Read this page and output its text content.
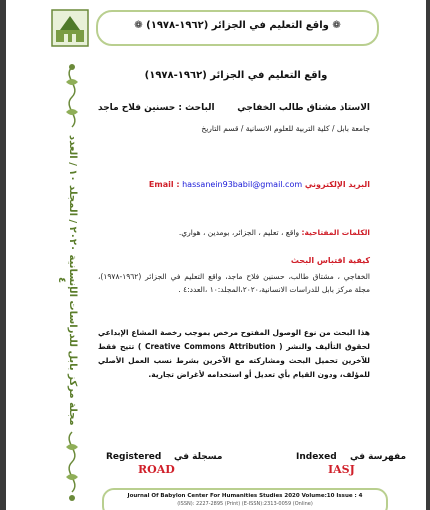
❁ واقع التعليم في الجزائر (١٩٦٢-١٩٧٨) ❁
مجلة مركز بابل للدراسات الإنسانية ٢٠٢٠ / المجلد ١٠ / العدد ٤
واقع التعليم في الجزائر (١٩٦٢-١٩٧٨)
الاستاذ مشتاق طالب الخفاجي
الباحث : حسنين فلاح ماجد
جامعة بابل / كلية التربية للعلوم الانسانية / قسم التاريخ
البريد الإلكتروني Email : hassanein93babil@gmail.com
الكلمات المفتاحية: واقع ، تعليم ، الجزائر، بومدين ، هواري.
كيفية اقتباس البحث
الخفاجي ، مشتاق طالب، حسنين فلاح ماجد، واقع التعليم في الجزائر (١٩٦٢-١٩٧٨)، مجلة مركز بابل للدراسات الانسانية،٢٠٢٠،المجلد:١٠ ،العدد:٤ .
هذا البحث من نوع الوصول المفتوح مرخص بموجب رخصة المشاع الإبداعي لحقوق التأليف والنشر ( Creative Commons Attribution ) تتيح فقط للآخرين تحميل البحث ومشاركته مع الآخرين بشرط نسب العمل الأصلي للمؤلف، ودون القيام بأي تعديل أو استخدامه لأغراض تجارية.
Registered مسجلة في
ROAD
Indexed مفهرسة في
IASJ
Journal Of Babylon Center For Humanities Studies 2020 Volume:10 Issue : 4
(ISSN): 2227-2895 (Print) (E-ISSN):2313-0059 (Online)
